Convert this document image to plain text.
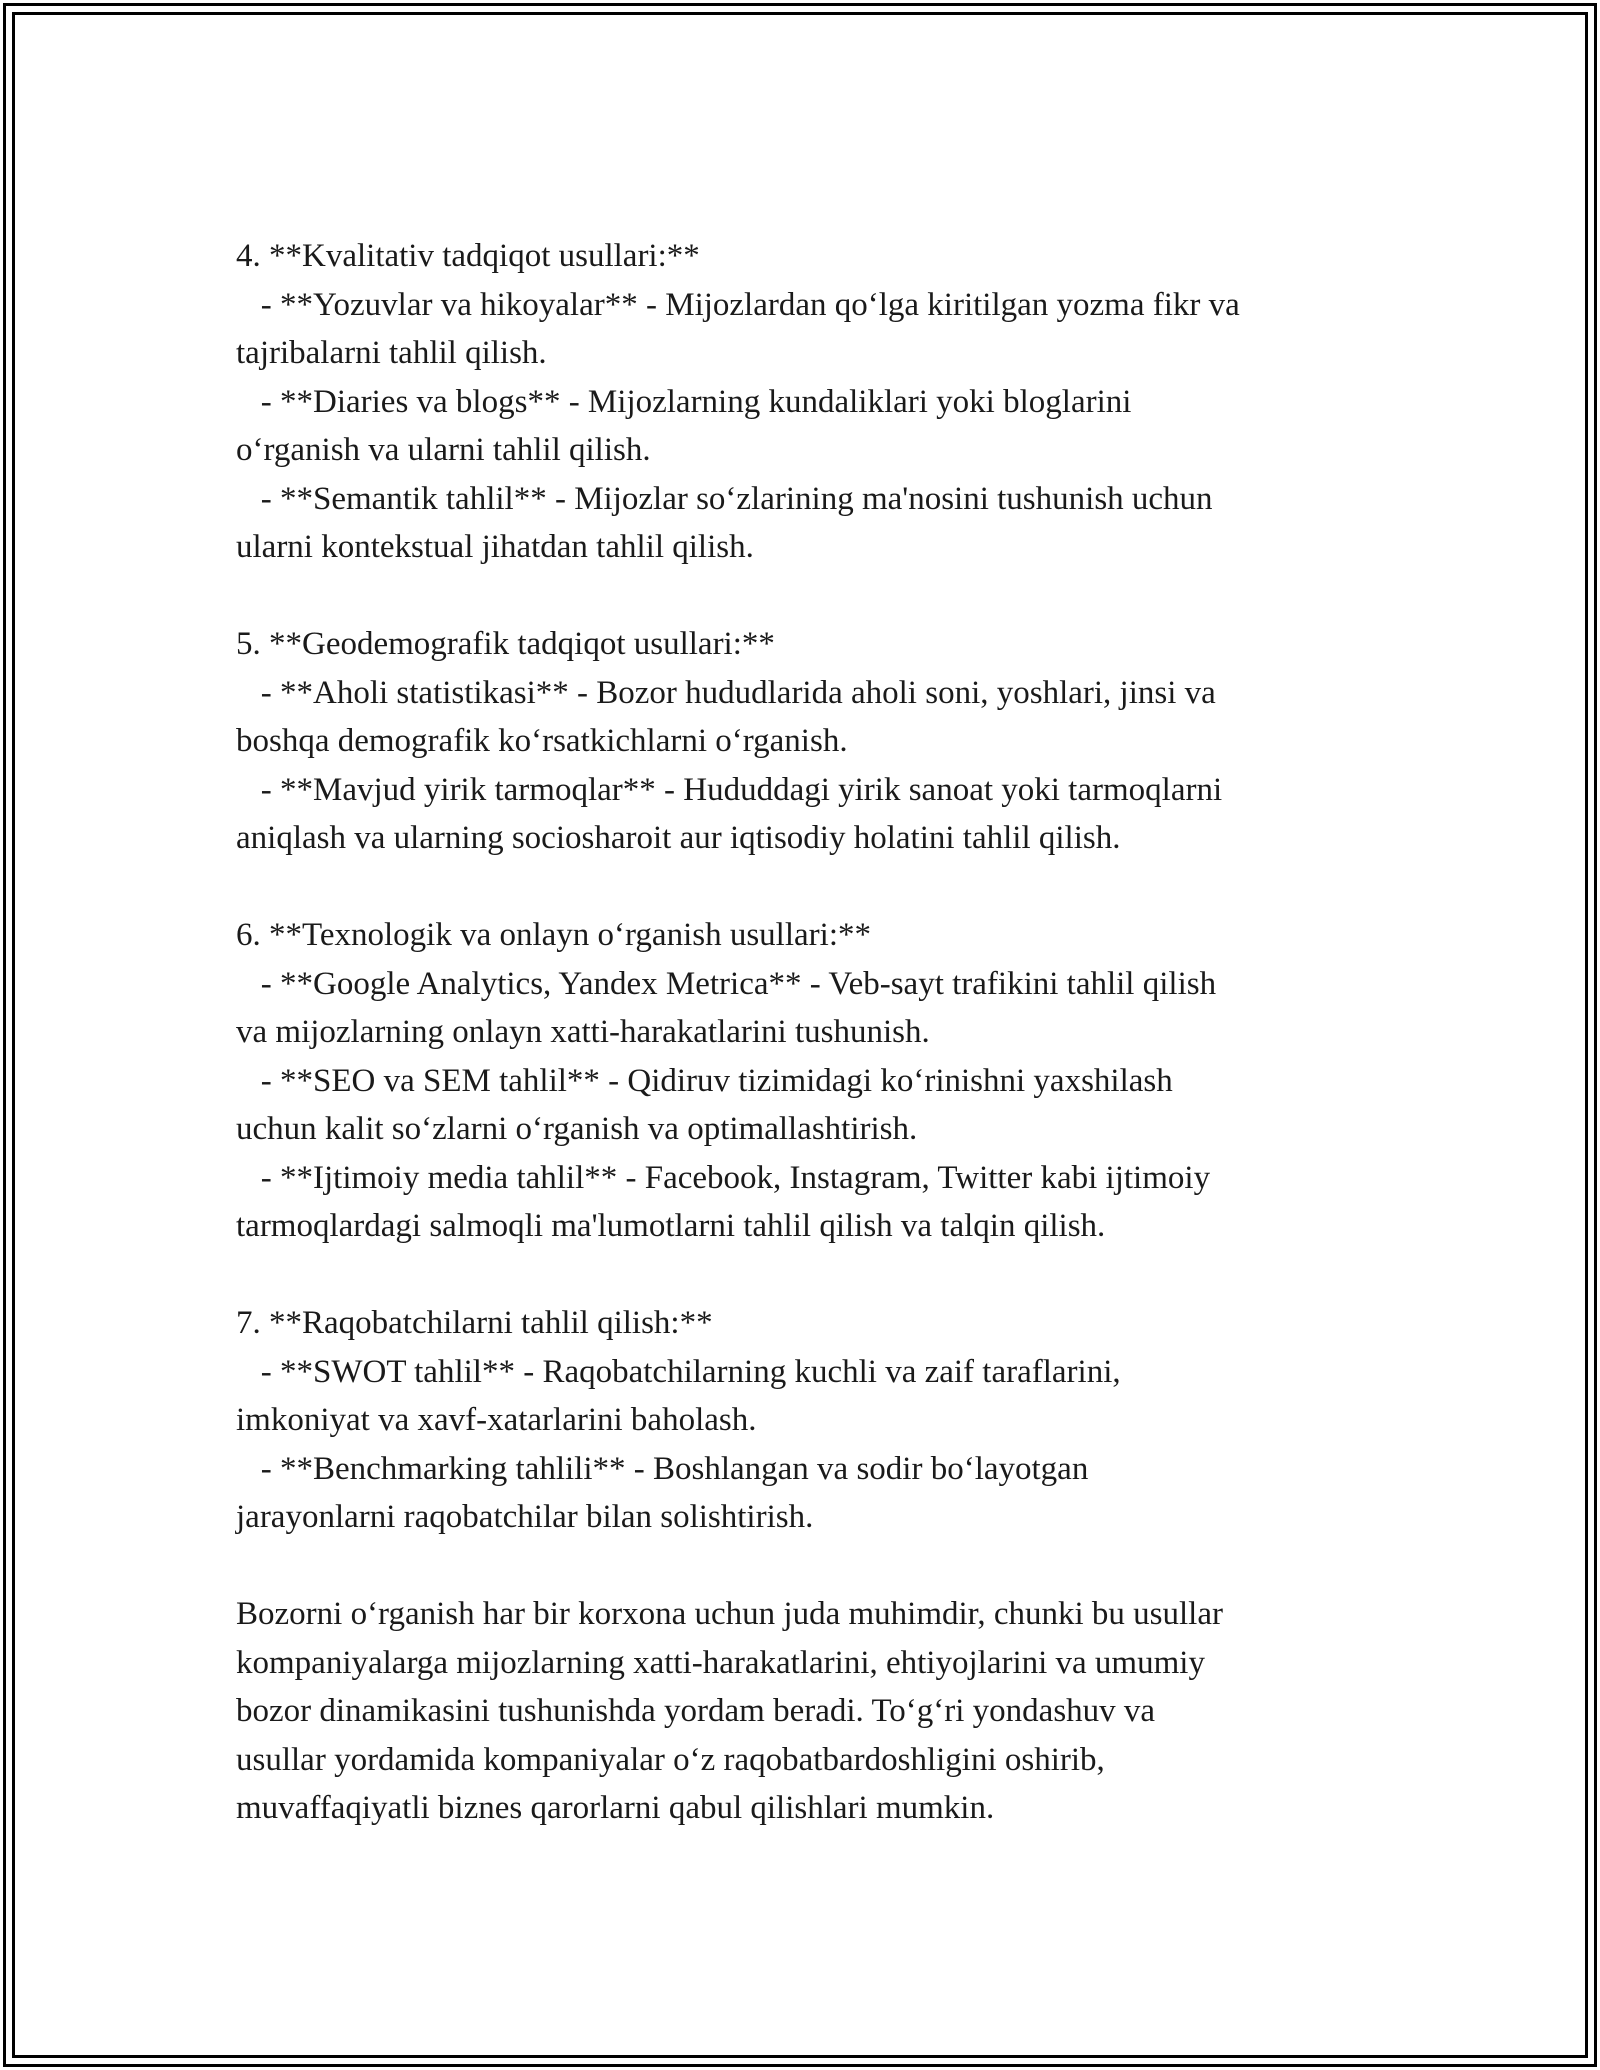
4. **Kvalitativ tadqiqot usullari:**
- **Yozuvlar va hikoyalar** - Mijozlardan qoʻlga kiritilgan yozma fikr va
tajribalarni tahlil qilish.
- **Diaries va blogs** - Mijozlarning kundaliklari yoki bloglarini
oʻrganish va ularni tahlil qilish.
- **Semantik tahlil** - Mijozlar soʻzlarining ma'nosini tushunish uchun
ularni kontekstual jihatdan tahlil qilish.
5. **Geodemografik tadqiqot usullari:**
- **Aholi statistikasi** - Bozor hududlarida aholi soni, yoshlari, jinsi va
boshqa demografik koʻrsatkichlarni oʻrganish.
- **Mavjud yirik tarmoqlar** - Hududdagi yirik sanoat yoki tarmoqlarni
aniqlash va ularning sociosharoit aur iqtisodiy holatini tahlil qilish.
6. **Texnologik va onlayn oʻrganish usullari:**
- **Google Analytics, Yandex Metrica** - Veb-sayt trafikini tahlil qilish
va mijozlarning onlayn xatti-harakatlarini tushunish.
- **SEO va SEM tahlil** - Qidiruv tizimidagi koʻrinishni yaxshilash
uchun kalit soʻzlarni oʻrganish va optimallashtirish.
- **Ijtimoiy media tahlil** - Facebook, Instagram, Twitter kabi ijtimoiy
tarmoqlardagi salmoqli ma'lumotlarni tahlil qilish va talqin qilish.
7. **Raqobatchilarni tahlil qilish:**
- **SWOT tahlil** - Raqobatchilarning kuchli va zaif taraflarini,
imkoniyat va xavf-xatarlarini baholash.
- **Benchmarking tahlili** - Boshlangan va sodir boʻlayotgan
jarayonlarni raqobatchilar bilan solishtirish.
Bozorni oʻrganish har bir korxona uchun juda muhimdir, chunki bu usullar
kompaniyalarga mijozlarning xatti-harakatlarini, ehtiyojlarini va umumiy
bozor dinamikasini tushunishda yordam beradi. Toʻgʻri yondashuv va
usullar yordamida kompaniyalar oʻz raqobatbardoshligini oshirib,
muvaffaqiyatli biznes qarorlarni qabul qilishlari mumkin.
